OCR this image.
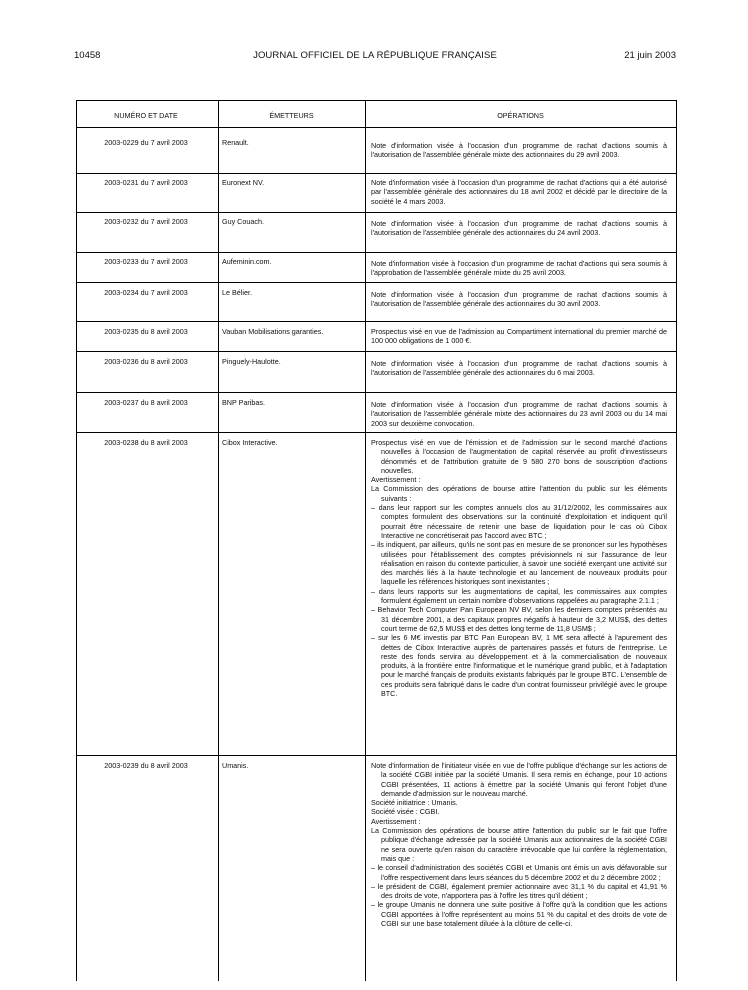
10458	JOURNAL OFFICIEL DE LA RÉPUBLIQUE FRANÇAISE	21 juin 2003
NUMÉRO ET DATE	ÉMETTEURS	OPÉRATIONS
2003-0229 du 7 avril 2003	Renault.	Note d'information visée à l'occasion d'un programme de rachat d'actions soumis à l'autorisation de l'assemblée générale mixte des actionnaires du 29 avril 2003.

2003-0231 du 7 avril 2003	Euronext NV.	Note d'information visée à l'occasion d'un programme de rachat d'actions qui a été autorisé par l'assemblée générale des actionnaires du 18 avril 2002 et décidé par le directoire de la société le 4 mars 2003.

2003-0232 du 7 avril 2003	Guy Couach.	Note d'information visée à l'occasion d'un programme de rachat d'actions soumis à l'autorisation de l'assemblée générale des actionnaires du 24 avril 2003.

2003-0233 du 7 avril 2003	Aufeminin.com.	Note d'information visée à l'occasion d'un programme de rachat d'actions qui sera soumis à l'approbation de l'assemblée générale mixte du 25 avril 2003.

2003-0234 du 7 avril 2003	Le Bélier.	Note d'information visée à l'occasion d'un programme de rachat d'actions soumis à l'autorisation de l'assemblée générale des actionnaires du 30 avril 2003.

2003-0235 du 8 avril 2003	Vauban Mobilisations garanties.	Prospectus visé en vue de l'admission au Compartiment international du premier marché de 100 000 obligations de 1 000 €.

2003-0236 du 8 avril 2003	Pinguely-Haulotte.	Note d'information visée à l'occasion d'un programme de rachat d'actions soumis à l'autorisation de l'assemblée générale des actionnaires du 6 mai 2003.

2003-0237 du 8 avril 2003	BNP Paribas.	Note d'information visée à l'occasion d'un programme de rachat d'actions soumis à l'autorisation de l'assemblée générale mixte des actionnaires du 23 avril 2003 ou du 14 mai 2003 sur deuxième convocation.

2003-0238 du 8 avril 2003	Cibox Interactive.	Prospectus visé en vue de l'émission et de l'admission sur le second marché d'actions nouvelles à l'occasion de l'augmentation de capital réservée au profit d'investisseurs dénommés et de l'attribution gratuite de 9 580 270 bons de souscription d'actions nouvelles.

Avertissement :

La Commission des opérations de bourse attire l'attention du public sur les éléments suivants :

– dans leur rapport sur les comptes annuels clos au 31/12/2002, les commissaires aux comptes formulent des observations sur la continuité d'exploitation et indiquent qu'il pourrait être nécessaire de retenir une base de liquidation pour le cas où Cibox Interactive ne concrétiserait pas l'accord avec BTC ;

– ils indiquent, par ailleurs, qu'ils ne sont pas en mesure de se prononcer sur les hypothèses utilisées pour l'établissement des comptes prévisionnels ni sur l'assurance de leur réalisation en raison du contexte particulier, à savoir une société exerçant une activité sur des marchés liés à la haute technologie et au lancement de nouveaux produits pour laquelle les références historiques sont inexistantes ;

– dans leurs rapports sur les augmentations de capital, les commissaires aux comptes formulent également un certain nombre d'observations rappelées au paragraphe 2.1.1 ;

– Behavior Tech Computer Pan European NV BV, selon les derniers comptes présentés au 31 décembre 2001, a des capitaux propres négatifs à hauteur de 3,2 MUS$, des dettes court terme de 62,5 MUS$ et des dettes long terme de 11,8 USM$ ;

– sur les 6 M€ investis par BTC Pan European BV, 1 M€ sera affecté à l'apurement des dettes de Cibox Interactive auprès de partenaires passés et futurs de l'entreprise. Le reste des fonds servira au développement et à la commercialisation de nouveaux produits, à la frontière entre l'informatique et le numérique grand public, et à l'adaptation pour le marché français de produits existants fabriqués par le groupe BTC. L'ensemble de ces produits sera fabriqué dans le cadre d'un contrat fournisseur privilégié avec le groupe BTC.

2003-0239 du 8 avril 2003	Umanis.	Note d'information de l'initiateur visée en vue de l'offre publique d'échange sur les actions de la société CGBI initiée par la société Umanis. Il sera remis en échange, pour 10 actions CGBI présentées, 11 actions à émettre par la société Umanis qui feront l'objet d'une demande d'admission sur le nouveau marché.

Société initiatrice : Umanis.

Société visée : CGBI.

Avertissement :

La Commission des opérations de bourse attire l'attention du public sur le fait que l'offre publique d'échange adressée par la société Umanis aux actionnaires de la société CGBI ne sera ouverte qu'en raison du caractère irrévocable que lui confère la réglementation, mais que :

– le conseil d'administration des sociétés CGBI et Umanis ont émis un avis défavorable sur l'offre respectivement dans leurs séances du 5 décembre 2002 et du 2 décembre 2002 ;

– le président de CGBI, également premier actionnaire avec 31,1 % du capital et 41,91 % des droits de vote, n'apportera pas à l'offre les titres qu'il détient ;

– le groupe Umanis ne donnera une suite positive à l'offre qu'à la condition que les actions CGBI apportées à l'offre représentent au moins 51 % du capital et des droits de vote de CGBI sur une base totalement diluée à la clôture de celle-ci.
